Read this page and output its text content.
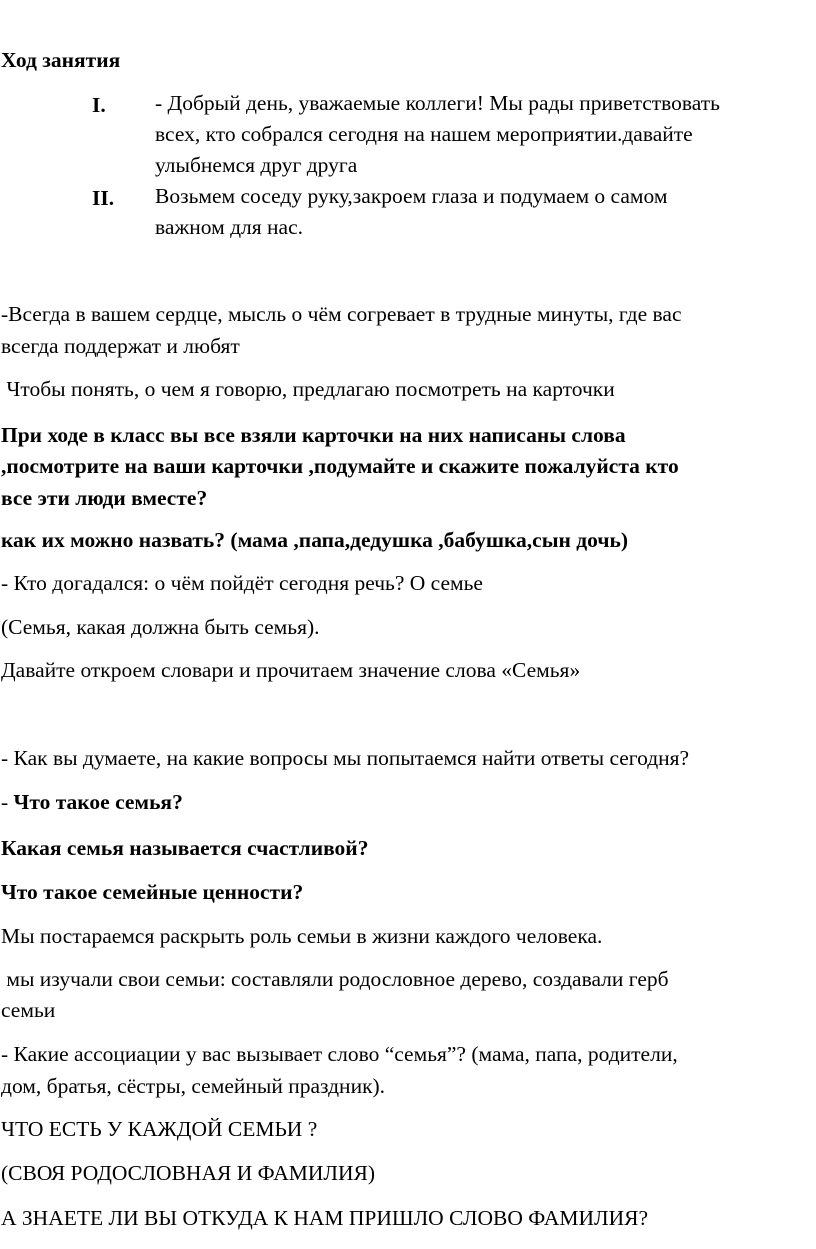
Ход занятия
I. - Добрый день, уважаемые коллеги! Мы рады приветствовать
всех, кто собрался сегодня на нашем мероприятии.давайте
улыбнемся друг друга
II. Возьмем соседу руку,закроем глаза и подумаем о самом
важном для нас.
-Всегда в вашем сердце, мысль о чём согревает в трудные минуты, где вас
всегда поддержат и любят
Чтобы понять, о чем я говорю, предлагаю посмотреть на карточки
При ходе в класс вы все взяли карточки на них написаны слова
,посмотрите на ваши карточки ,подумайте и скажите пожалуйста кто
все эти люди вместе?
как их можно назвать? (мама ,папа,дедушка ,бабушка,сын дочь)
- Кто догадался: о чём пойдёт сегодня речь? О семье
(Семья, какая должна быть семья).
Давайте откроем словари и прочитаем значение слова «Семья»
- Как вы думаете, на какие вопросы мы попытаемся найти ответы сегодня?
- Что такое семья?
Какая семья называется счастливой?
Что такое семейные ценности?
Мы постараемся раскрыть роль семьи в жизни каждого человека.
мы изучали свои семьи: составляли родословное дерево, создавали герб
семьи
- Какие ассоциации у вас вызывает слово “семья”? (мама, папа, родители,
дом, братья, сёстры, семейный праздник).
ЧТО ЕСТЬ У КАЖДОЙ СЕМЬИ ?
(СВОЯ РОДОСЛОВНАЯ И ФАМИЛИЯ)
А ЗНАЕТЕ ЛИ ВЫ ОТКУДА К НАМ ПРИШЛО СЛОВО ФАМИЛИЯ?
